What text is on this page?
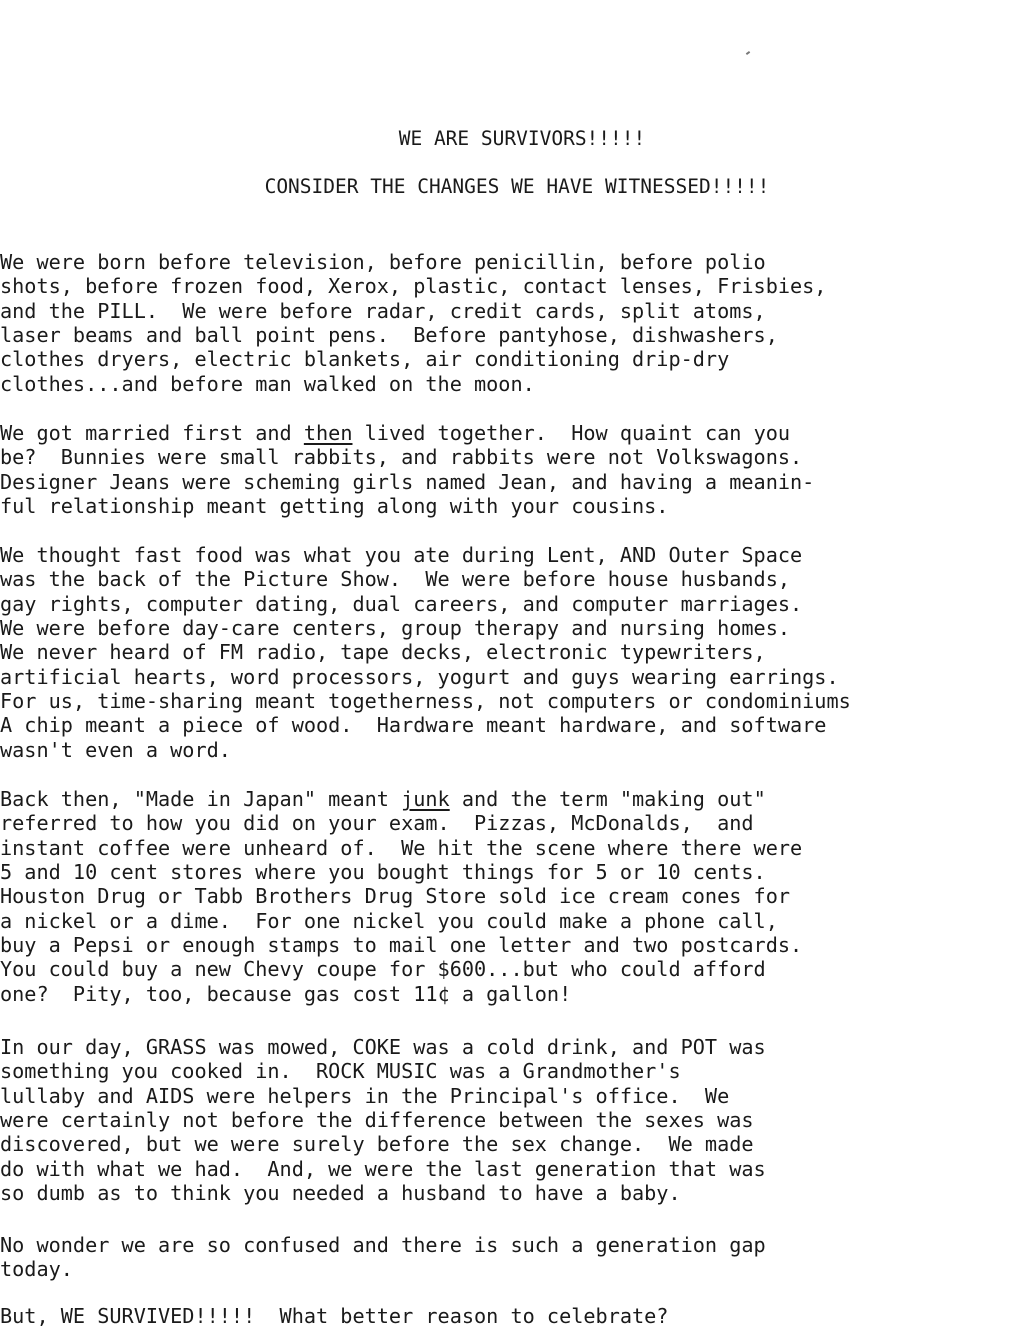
WE ARE SURVIVORS!!!!!
CONSIDER THE CHANGES WE HAVE WITNESSED!!!!!
We were born before television, before penicillin, before polio
shots, before frozen food, Xerox, plastic, contact lenses, Frisbies,
and the PILL.  We were before radar, credit cards, split atoms,
laser beams and ball point pens.  Before pantyhose, dishwashers,
clothes dryers, electric blankets, air conditioning drip-dry
clothes...and before man walked on the moon.
We got married first and then lived together.  How quaint can you
be?  Bunnies were small rabbits, and rabbits were not Volkswagons.
Designer Jeans were scheming girls named Jean, and having a meanin-
ful relationship meant getting along with your cousins.
We thought fast food was what you ate during Lent, AND Outer Space
was the back of the Picture Show.  We were before house husbands,
gay rights, computer dating, dual careers, and computer marriages.
We were before day-care centers, group therapy and nursing homes.
We never heard of FM radio, tape decks, electronic typewriters,
artificial hearts, word processors, yogurt and guys wearing earrings.
For us, time-sharing meant togetherness, not computers or condominiums
A chip meant a piece of wood.  Hardware meant hardware, and software
wasn't even a word.
Back then, "Made in Japan" meant junk and the term "making out"
referred to how you did on your exam.  Pizzas, McDonalds,  and
instant coffee were unheard of.  We hit the scene where there were
5 and 10 cent stores where you bought things for 5 or 10 cents.
Houston Drug or Tabb Brothers Drug Store sold ice cream cones for
a nickel or a dime.  For one nickel you could make a phone call,
buy a Pepsi or enough stamps to mail one letter and two postcards.
You could buy a new Chevy coupe for $600...but who could afford
one?  Pity, too, because gas cost 11¢ a gallon!
In our day, GRASS was mowed, COKE was a cold drink, and POT was
something you cooked in.  ROCK MUSIC was a Grandmother's
lullaby and AIDS were helpers in the Principal's office.  We
were certainly not before the difference between the sexes was
discovered, but we were surely before the sex change.  We made
do with what we had.  And, we were the last generation that was
so dumb as to think you needed a husband to have a baby.
No wonder we are so confused and there is such a generation gap
today.
But, WE SURVIVED!!!!!  What better reason to celebrate?
